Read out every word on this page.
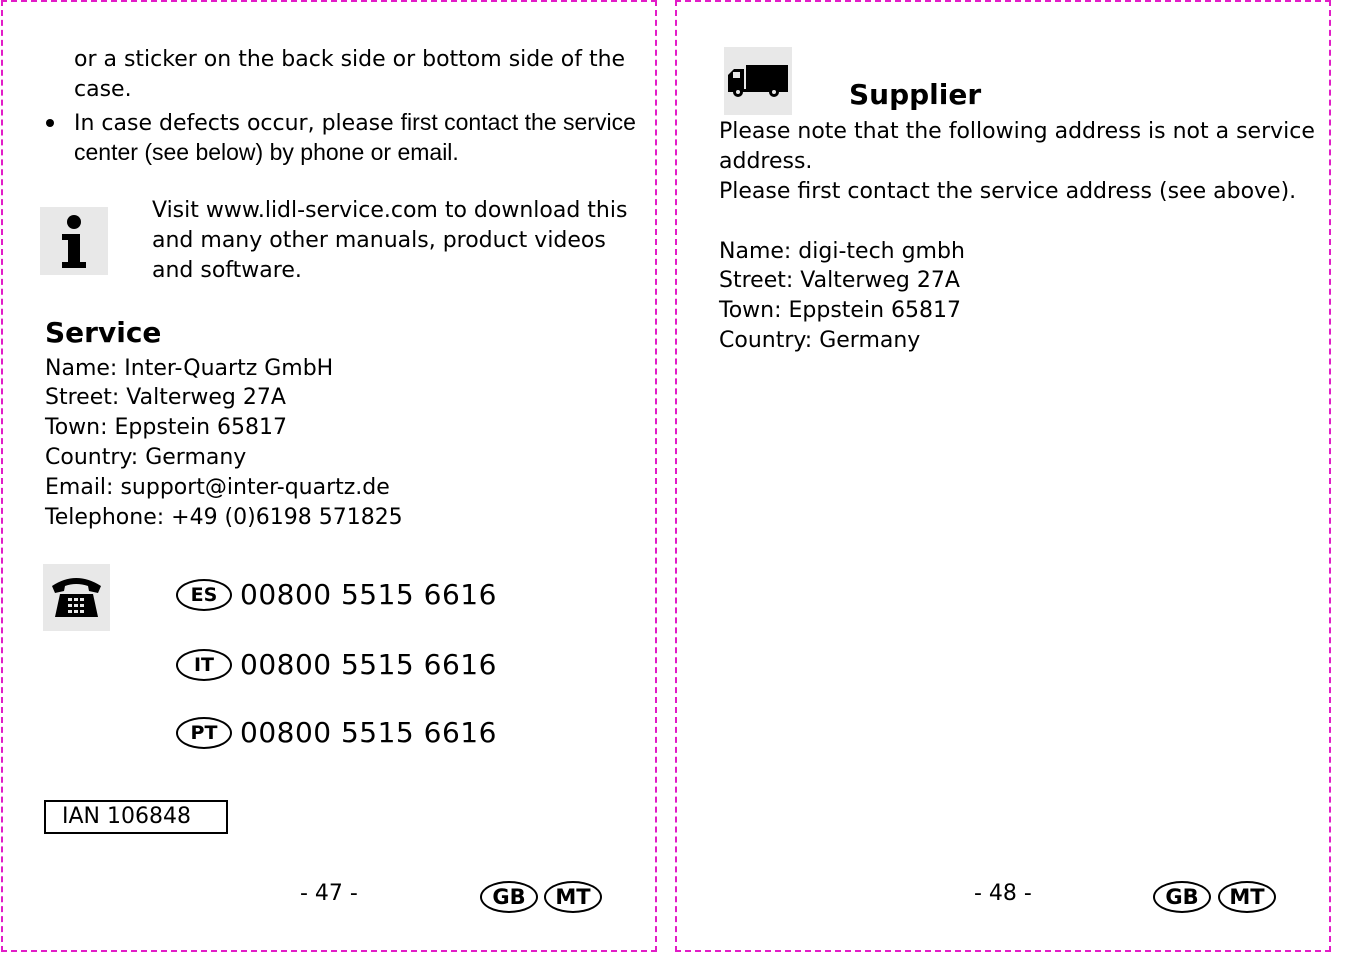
or a sticker on the back side or bottom side of the
case.
In case defects occur, please first contact the service
center (see below) by phone or email.
Visit www.lidl-service.com to download this
and many other manuals, product videos
and software.
Service
Name: Inter-Quartz GmbH
Street: Valterweg 27A
Town: Eppstein 65817
Country: Germany
Email: support@inter-quartz.de
Telephone: +49 (0)6198 571825
ES 00800 5515 6616
IT 00800 5515 6616
PT 00800 5515 6616
IAN 106848
- 47 -	GB	MT
Supplier
Please note that the following address is not a service
address.
Please first contact the service address (see above).
Name: digi-tech gmbh
Street: Valterweg 27A
Town: Eppstein 65817
Country: Germany
- 48 -	GB	MT
